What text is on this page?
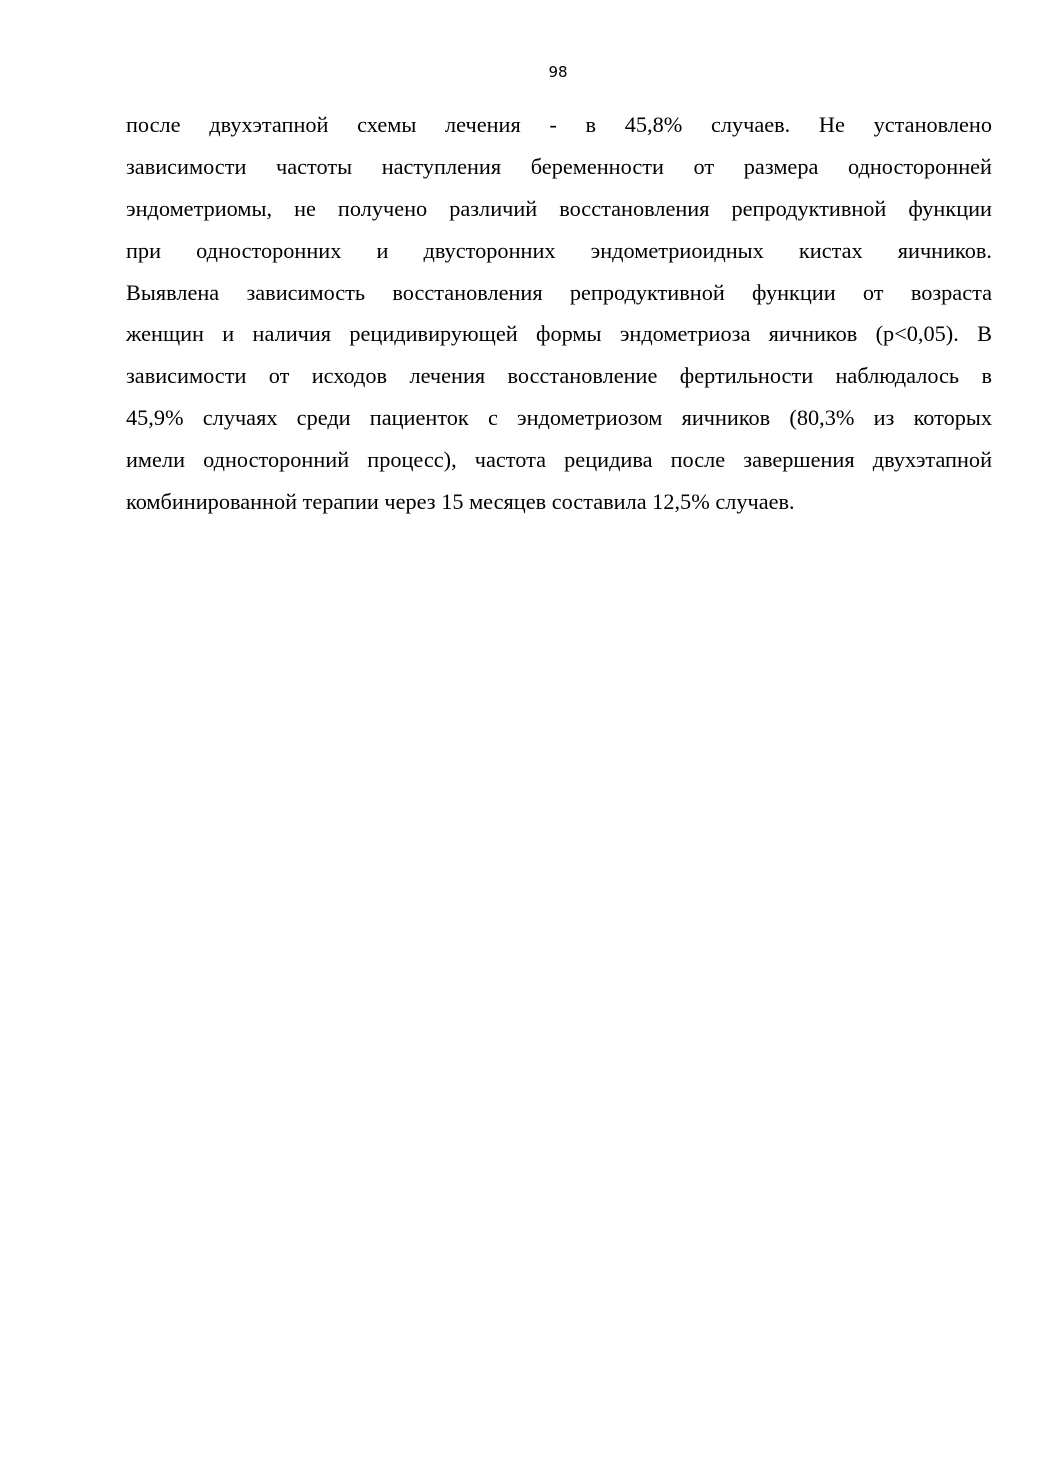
98
после двухэтапной схемы лечения - в 45,8% случаев. Не установлено
зависимости частоты наступления беременности от размера односторонней
эндометриомы, не получено различий восстановления репродуктивной функции
при односторонних и двусторонних эндометриоидных кистах яичников.
Выявлена зависимость восстановления репродуктивной функции от возраста
женщин и наличия рецидивирующей формы эндометриоза яичников (p<0,05). В
зависимости от исходов лечения восстановление фертильности наблюдалось в
45,9% случаях среди пациенток с эндометриозом яичников (80,3% из которых
имели односторонний процесс), частота рецидива после завершения двухэтапной
комбинированной терапии через 15 месяцев составила 12,5% случаев.
